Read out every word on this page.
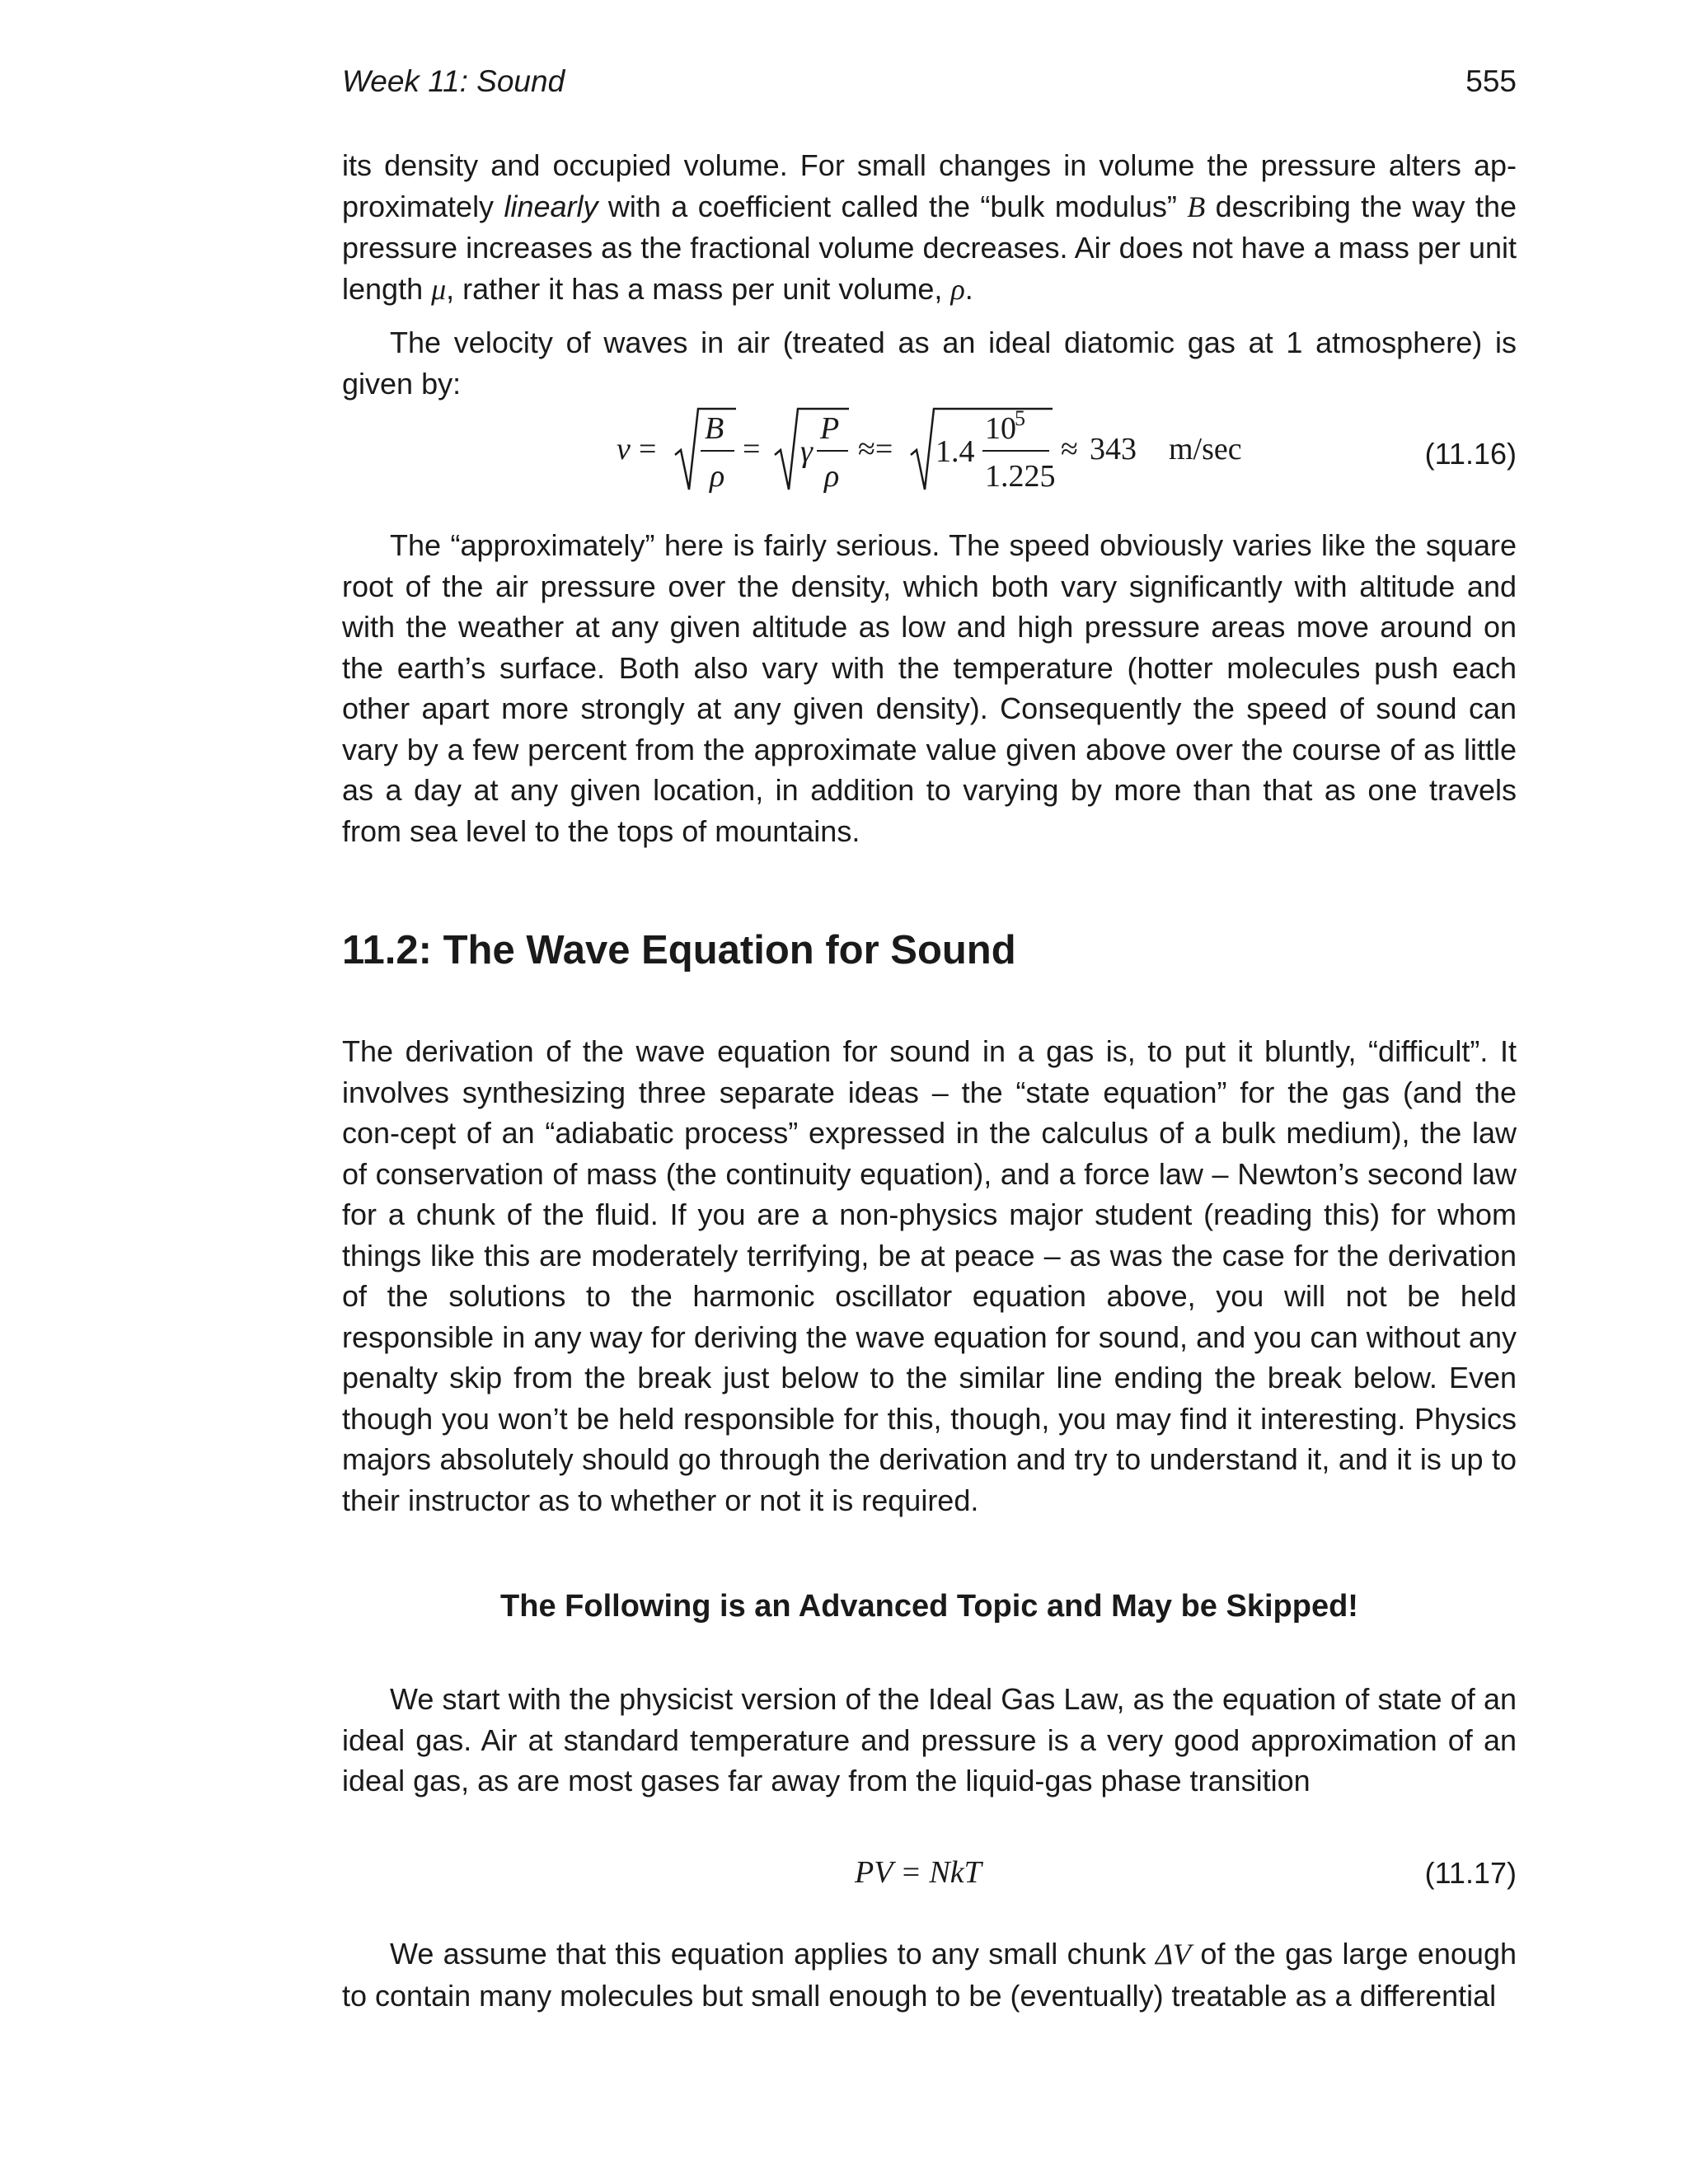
Week 11: Sound	555

its density and occupied volume. For small changes in volume the pressure alters ap-proximately linearly with a coefficient called the “bulk modulus” B describing the way the pressure increases as the fractional volume decreases. Air does not have a mass per unit length μ, rather it has a mass per unit volume, ρ.

The velocity of waves in air (treated as an ideal diatomic gas at 1 atmosphere) is given by:

v =
B
ρ
= γ
P
ρ
≈= 1.4
10
5
1.225
≈ 343 m/sec	(11.16)

The “approximately” here is fairly serious. The speed obviously varies like the square root of the air pressure over the density, which both vary significantly with altitude and with the weather at any given altitude as low and high pressure areas move around on the earth’s surface. Both also vary with the temperature (hotter molecules push each other apart more strongly at any given density). Consequently the speed of sound can vary by a few percent from the approximate value given above over the course of as little as a day at any given location, in addition to varying by more than that as one travels from sea level to the tops of mountains.

11.2: The Wave Equation for Sound

The derivation of the wave equation for sound in a gas is, to put it bluntly, “difficult”. It involves synthesizing three separate ideas – the “state equation” for the gas (and the con-cept of an “adiabatic process” expressed in the calculus of a bulk medium), the law of conservation of mass (the continuity equation), and a force law – Newton’s second law for a chunk of the fluid. If you are a non-physics major student (reading this) for whom things like this are moderately terrifying, be at peace – as was the case for the derivation of the solutions to the harmonic oscillator equation above, you will not be held responsible in any way for deriving the wave equation for sound, and you can without any penalty skip from the break just below to the similar line ending the break below. Even though you won’t be held responsible for this, though, you may find it interesting. Physics majors absolutely should go through the derivation and try to understand it, and it is up to their instructor as to whether or not it is required.

The Following is an Advanced Topic and May be Skipped!

We start with the physicist version of the Ideal Gas Law, as the equation of state of an ideal gas. Air at standard temperature and pressure is a very good approximation of an ideal gas, as are most gases far away from the liquid-gas phase transition

PV = NkT	(11.17)

We assume that this equation applies to any small chunk ΔV of the gas large enough to contain many molecules but small enough to be (eventually) treatable as a differential
